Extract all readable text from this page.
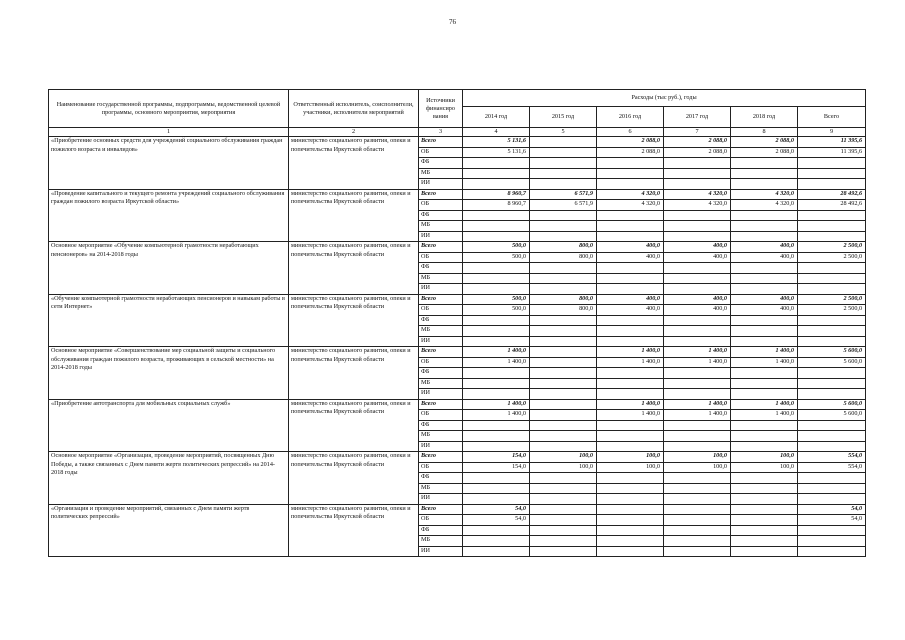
76
Наименование государственной программы, подпрограммы, ведомственной целевой программы, основного мероприятия, мероприятия	Ответственный исполнитель, соисполнители, участники, исполнители мероприятий	Источники финансиро вания	Расходы (тыс руб.), годы					
			2014 год	2015 год	2016 год	2017 год	2018 год	Всего
1	2	3	4	5	6	7	8	9
«Приобретение основных средств для учреждений социального обслуживания граждан пожилого возраста и инвалидов»	министерство социального развития, опеки и попечительства Иркутской области	Всего	5 131,6		2 088,0	2 088,0	2 088,0	11 395,6
		ОБ	5 131,6		2 088,0	2 088,0	2 088,0	11 395,6
		ФБ						
		МБ						
		ИИ						
«Проведение капитального и текущего ремонта учреждений социального обслуживания граждан пожилого возраста Иркутской области»	министерство социального развития, опеки и попечительства Иркутской области	Всего	8 960,7	6 571,9	4 320,0	4 320,0	4 320,0	28 492,6
		ОБ	8 960,7	6 571,9	4 320,0	4 320,0	4 320,0	28 492,6
		ФБ						
		МБ						
		ИИ						
Основное мероприятие «Обучение компьютерной грамотности неработающих пенсионеров» на 2014-2018 годы	министерство социального развития, опеки и попечительства Иркутской области	Всего	500,0	800,0	400,0	400,0	400,0	2 500,0
		ОБ	500,0	800,0	400,0	400,0	400,0	2 500,0
		ФБ						
		МБ						
		ИИ						
«Обучение компьютерной грамотности неработающих пенсионеров и навыкам работы в сети Интернет»	министерство социального развития, опеки и попечительства Иркутской области	Всего	500,0	800,0	400,0	400,0	400,0	2 500,0
		ОБ	500,0	800,0	400,0	400,0	400,0	2 500,0
		ФБ						
		МБ						
		ИИ						
Основное мероприятие «Совершенствование мер социальной защиты и социального обслуживания граждан пожилого возраста, проживающих в сельской местности» на 2014-2018 годы	министерство социального развития, опеки и попечительства Иркутской области	Всего	1 400,0		1 400,0	1 400,0	1 400,0	5 600,0
		ОБ	1 400,0		1 400,0	1 400,0	1 400,0	5 600,0
		ФБ						
		МБ						
		ИИ						
«Приобретение автотранспорта для мобильных социальных служб»	министерство социального развития, опеки и попечительства Иркутской области	Всего	1 400,0		1 400,0	1 400,0	1 400,0	5 600,0
		ОБ	1 400,0		1 400,0	1 400,0	1 400,0	5 600,0
		ФБ						
		МБ						
		ИИ						
Основное мероприятие «Организация, проведение мероприятий, посвященных Дню Победы, а также связанных с Днем памяти жертв политических репрессий» на 2014-2018 годы	министерство социального развития, опеки и попечительства Иркутской области	Всего	154,0	100,0	100,0	100,0	100,0	554,0
		ОБ	154,0	100,0	100,0	100,0	100,0	554,0
		ФБ						
		МБ						
		ИИ						
«Организация и проведение мероприятий, связанных с Днем памяти жертв политических репрессий»	министерство социального развития, опеки и попечительства Иркутской области	Всего	54,0					54,0
		ОБ	54,0					54,0
		ФБ						
		МБ						
		ИИ						
